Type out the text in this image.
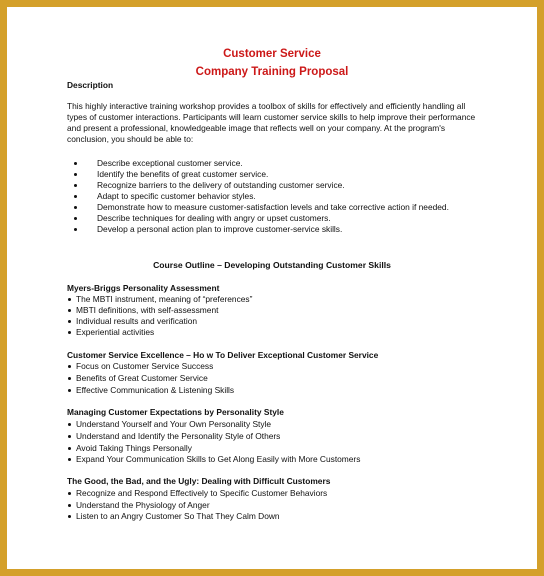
Customer Service
Company Training Proposal
Description
This highly interactive training workshop provides a toolbox of skills for effectively and efficiently handling all
types of customer interactions. Participants will learn customer service skills to help improve their performance
and present a professional, knowledgeable image that reflects well on your company. At the program's
conclusion, you should be able to:
Describe exceptional customer service.
Identify the benefits of great customer service.
Recognize barriers to the delivery of outstanding customer service.
Adapt to specific customer behavior styles.
Demonstrate how to measure customer-satisfaction levels and take corrective action if needed.
Describe techniques for dealing with angry or upset customers.
Develop a personal action plan to improve customer-service skills.
Course Outline – Developing Outstanding Customer Skills
Myers-Briggs Personality Assessment
The MBTI instrument, meaning of “preferences”
MBTI definitions, with self-assessment
Individual results and verification
Experiential activities
Customer Service Excellence – Ho w To Deliver Exceptional Customer Service
Focus on Customer Service Success
Benefits of Great Customer Service
Effective Communication & Listening Skills
Managing Customer Expectations by Personality Style
Understand Yourself and Your Own Personality Style
Understand and Identify the Personality Style of Others
Avoid Taking Things Personally
Expand Your Communication Skills to Get Along Easily with More Customers
The Good, the Bad, and the Ugly: Dealing with Difficult Customers
Recognize and Respond Effectively to Specific Customer Behaviors
Understand the Physiology of Anger
Listen to an Angry Customer So That They Calm Down
